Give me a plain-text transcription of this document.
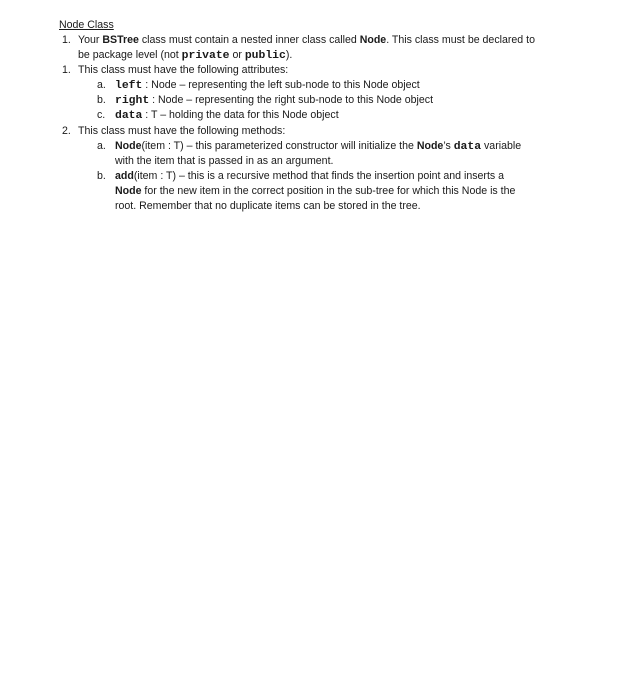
Node Class
1. Your BSTree class must contain a nested inner class called Node. This class must be declared to
be package level (not private or public).
1. This class must have the following attributes:
a. left : Node – representing the left sub-node to this Node object
b. right : Node – representing the right sub-node to this Node object
c. data : T – holding the data for this Node object
2. This class must have the following methods:
a. Node(item : T) – this parameterized constructor will initialize the Node’s data variable
with the item that is passed in as an argument.
b. add(item : T) – this is a recursive method that finds the insertion point and inserts a
Node for the new item in the correct position in the sub-tree for which this Node is the
root. Remember that no duplicate items can be stored in the tree.
